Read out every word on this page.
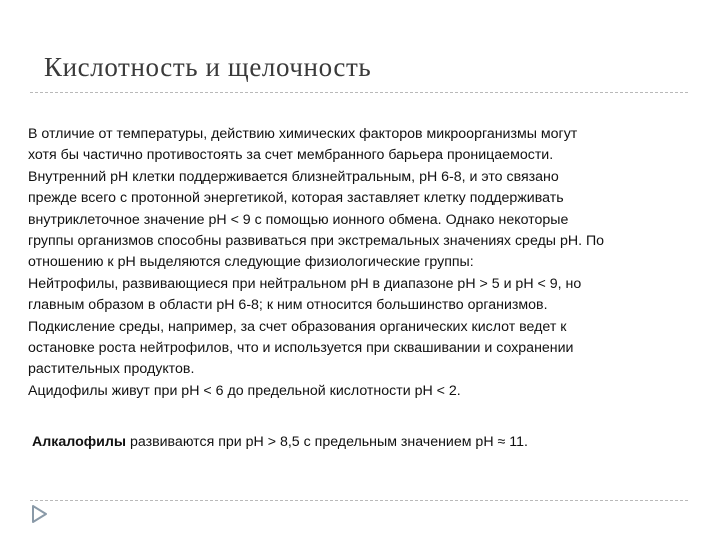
Кислотность и щелочность
В отличие от температуры, действию химических факторов микроорганизмы могут
хотя бы частично противостоять за счет мембранного барьера проницаемости.
Внутренний рН клетки поддерживается близнейтральным, рН 6-8, и это связано
прежде всего с протонной энергетикой, которая заставляет клетку поддерживать
внутриклеточное значение рН < 9 с помощью ионного обмена. Однако некоторые
группы организмов способны развиваться при экстремальных значениях среды рН. По
отношению к рН выделяются следующие физиологические группы:
Нейтрофилы, развивающиеся при нейтральном рН в диапазоне рН > 5 и рН < 9, но
главным образом в области рН 6-8; к ним относится большинство организмов.
Подкисление среды, например, за счет образования органических кислот ведет к
остановке роста нейтрофилов, что и используется при сквашивании и сохранении
растительных продуктов.
Ацидофилы живут при рН < 6 до предельной кислотности рН < 2.
Алкалофилы развиваются при рН > 8,5 с предельным значением рН ≈ 11.
